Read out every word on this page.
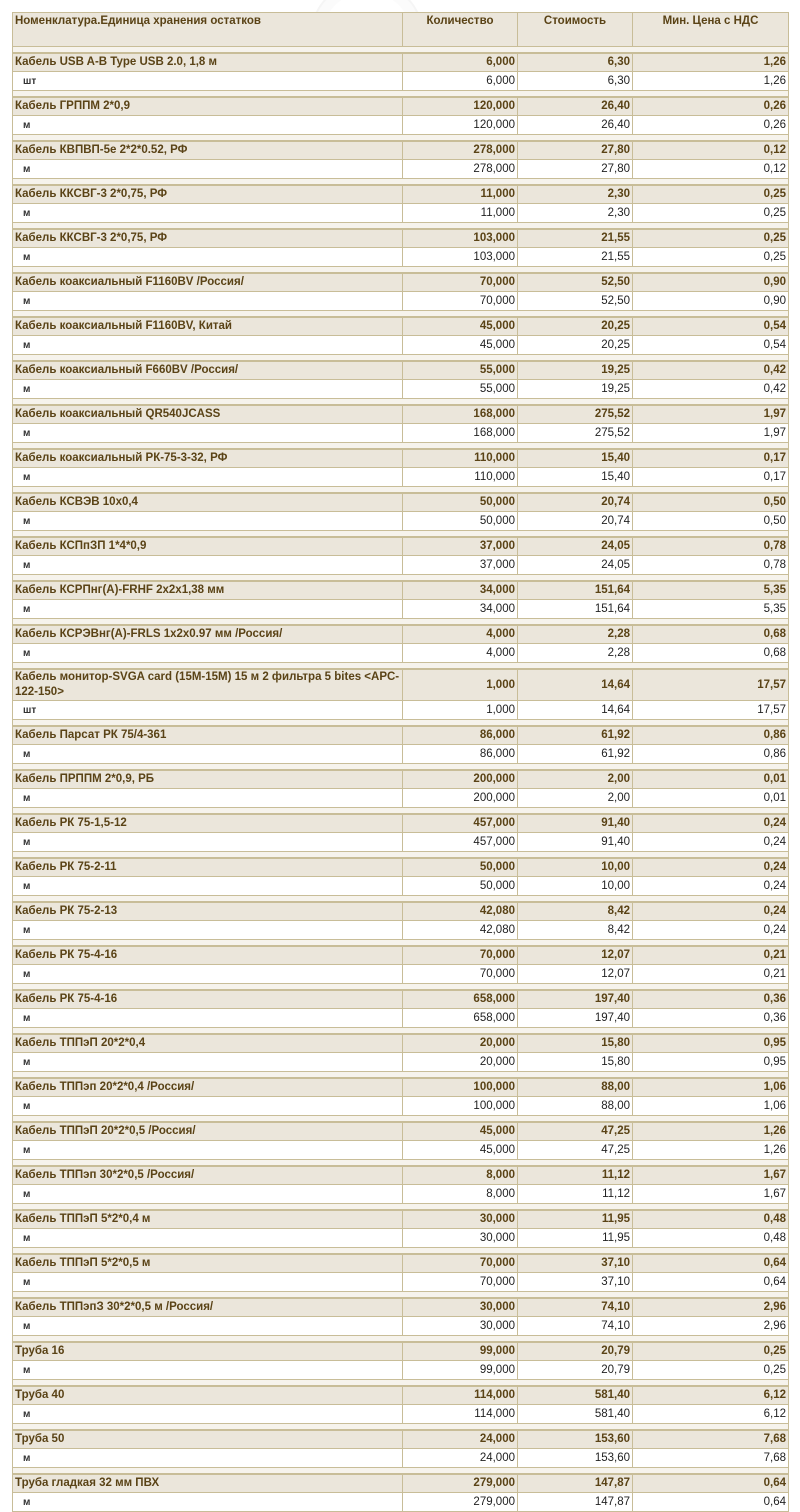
Номенклатура.Единица хранения остатков	Количество	Стоимость	Мин. Цена с НДС

Кабель USB A-B Type USB 2.0, 1,8 м	6,000	6,30	1,26
шт	6,000	6,30	1,26

Кабель ГРППМ 2*0,9	120,000	26,40	0,26
м	120,000	26,40	0,26

Кабель КВПВП-5е 2*2*0.52, РФ	278,000	27,80	0,12
м	278,000	27,80	0,12

Кабель ККСВГ-3 2*0,75, РФ	11,000	2,30	0,25
м	11,000	2,30	0,25

Кабель ККСВГ-3 2*0,75, РФ	103,000	21,55	0,25
м	103,000	21,55	0,25

Кабель коаксиальный F1160BV /Россия/	70,000	52,50	0,90
м	70,000	52,50	0,90

Кабель коаксиальный F1160BV, Китай	45,000	20,25	0,54
м	45,000	20,25	0,54

Кабель коаксиальный F660BV /Россия/	55,000	19,25	0,42
м	55,000	19,25	0,42

Кабель коаксиальный QR540JCASS	168,000	275,52	1,97
м	168,000	275,52	1,97

Кабель коаксиальный РК-75-3-32, РФ	110,000	15,40	0,17
м	110,000	15,40	0,17

Кабель КСВЭВ 10х0,4	50,000	20,74	0,50
м	50,000	20,74	0,50

Кабель КСПпЗП 1*4*0,9	37,000	24,05	0,78
м	37,000	24,05	0,78

Кабель КСРПнг(А)-FRHF 2х2х1,38 мм	34,000	151,64	5,35
м	34,000	151,64	5,35

Кабель КСРЭВнг(А)-FRLS 1х2х0.97 мм /Россия/	4,000	2,28	0,68
м	4,000	2,28	0,68

Кабель монитор-SVGA card (15M-15M) 15 м 2 фильтра 5 bites <APC-122-150>	1,000	14,64	17,57
шт	1,000	14,64	17,57

Кабель Парсат РК 75/4-361	86,000	61,92	0,86
м	86,000	61,92	0,86

Кабель ПРППМ 2*0,9, РБ	200,000	2,00	0,01
м	200,000	2,00	0,01

Кабель РК 75-1,5-12	457,000	91,40	0,24
м	457,000	91,40	0,24

Кабель РК 75-2-11	50,000	10,00	0,24
м	50,000	10,00	0,24

Кабель РК 75-2-13	42,080	8,42	0,24
м	42,080	8,42	0,24

Кабель РК 75-4-16	70,000	12,07	0,21
м	70,000	12,07	0,21

Кабель РК 75-4-16	658,000	197,40	0,36
м	658,000	197,40	0,36

Кабель ТППэП 20*2*0,4	20,000	15,80	0,95
м	20,000	15,80	0,95

Кабель ТППэп 20*2*0,4 /Россия/	100,000	88,00	1,06
м	100,000	88,00	1,06

Кабель ТППэП 20*2*0,5 /Россия/	45,000	47,25	1,26
м	45,000	47,25	1,26

Кабель ТППэп 30*2*0,5 /Россия/	8,000	11,12	1,67
м	8,000	11,12	1,67

Кабель ТППэП 5*2*0,4 м	30,000	11,95	0,48
м	30,000	11,95	0,48

Кабель ТППэП 5*2*0,5 м	70,000	37,10	0,64
м	70,000	37,10	0,64

Кабель ТППэпЗ 30*2*0,5 м /Россия/	30,000	74,10	2,96
м	30,000	74,10	2,96

Труба 16	99,000	20,79	0,25
м	99,000	20,79	0,25

Труба 40	114,000	581,40	6,12
м	114,000	581,40	6,12

Труба 50	24,000	153,60	7,68
м	24,000	153,60	7,68

Труба гладкая 32 мм ПВХ	279,000	147,87	0,64
м	279,000	147,87	0,64
